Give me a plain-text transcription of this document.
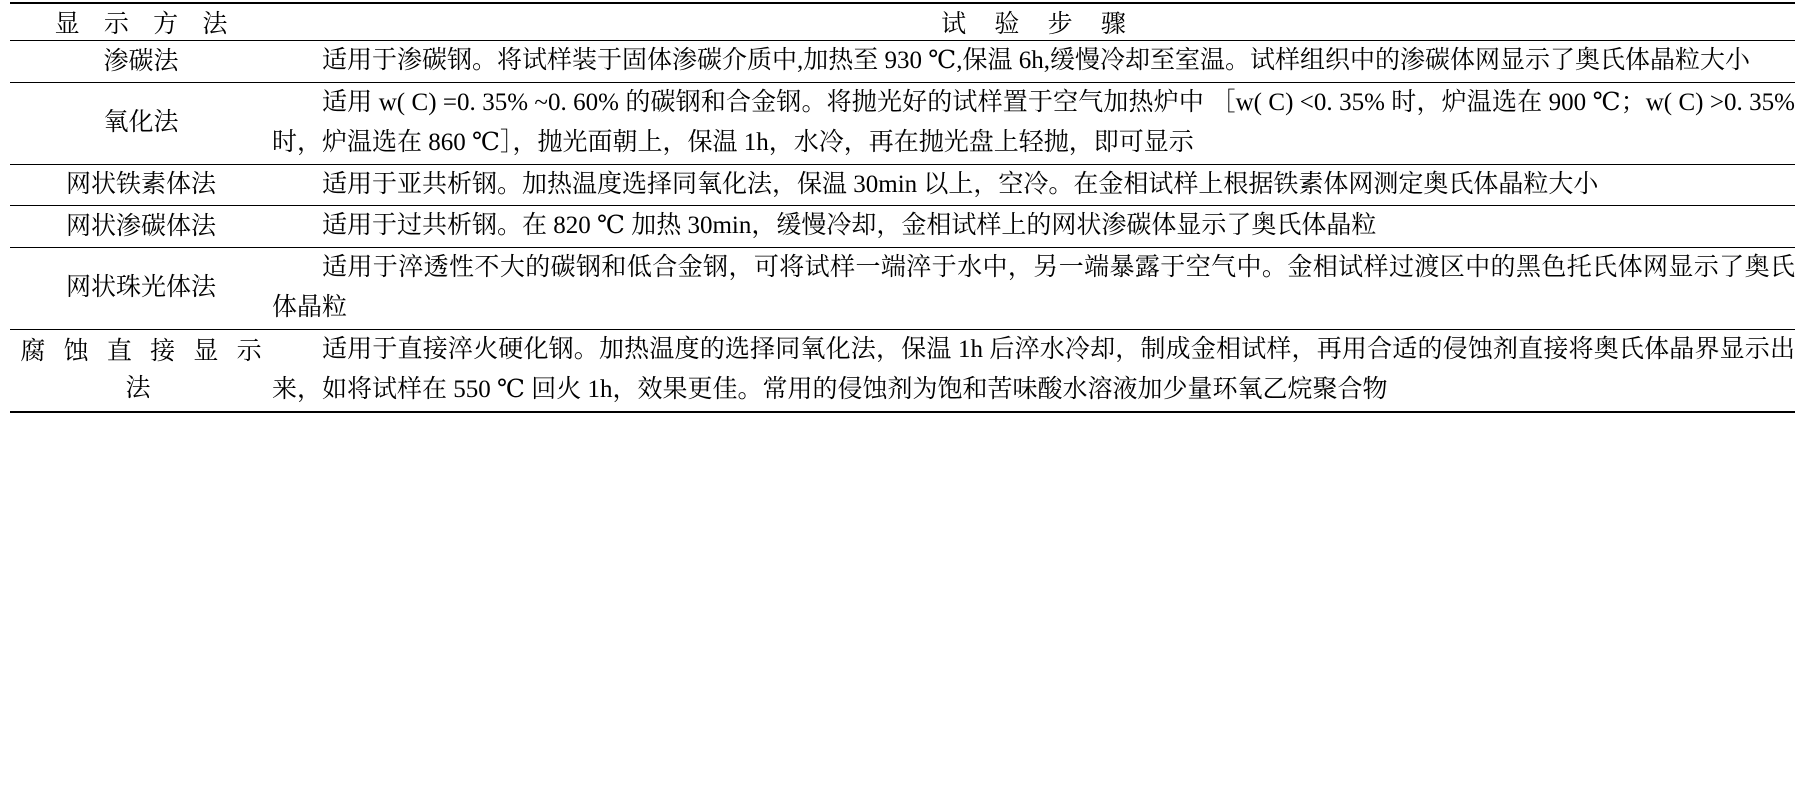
显 示 方 法	试 验 步 骤
渗碳法	适用于渗碳钢。将试样装于固体渗碳介质中,加热至 930 ℃,保温 6h,缓慢冷却至室温。试样组织中的渗碳体网显示了奥氏体晶粒大小

氧化法	适用 w( C) =0. 35% ~0. 60% 的碳钢和合金钢。将抛光好的试样置于空气加热炉中 ［w( C) <0. 35% 时，炉温选在 900 ℃；w( C) >0. 35% 时，炉温选在 860 ℃］，抛光面朝上，保温 1h，水冷，再在抛光盘上轻抛，即可显示

网状铁素体法	适用于亚共析钢。加热温度选择同氧化法，保温 30min 以上，空冷。在金相试样上根据铁素体网测定奥氏体晶粒大小

网状渗碳体法	适用于过共析钢。在 820 ℃ 加热 30min，缓慢冷却，金相试样上的网状渗碳体显示了奥氏体晶粒

网状珠光体法	适用于淬透性不大的碳钢和低合金钢，可将试样一端淬于水中，另一端暴露于空气中。金相试样过渡区中的黑色托氏体网显示了奥氏体晶粒

腐 蚀 直 接 显 示 法	适用于直接淬火硬化钢。加热温度的选择同氧化法，保温 1h 后淬水冷却，制成金相试样，再用合适的侵蚀剂直接将奥氏体晶界显示出来，如将试样在 550 ℃ 回火 1h，效果更佳。常用的侵蚀剂为饱和苦味酸水溶液加少量环氧乙烷聚合物
